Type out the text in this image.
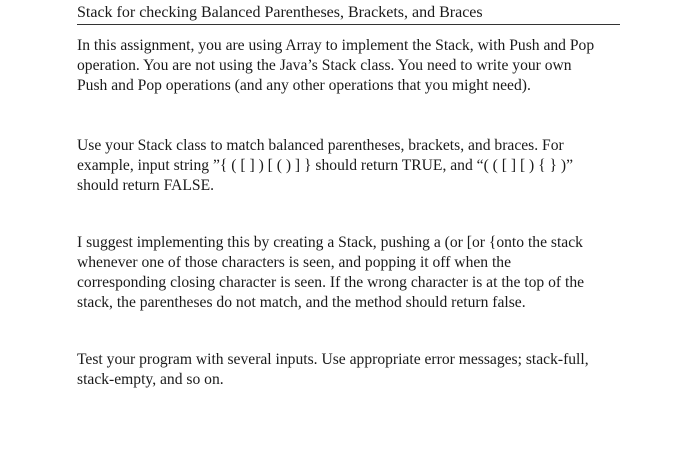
Stack for checking Balanced Parentheses, Brackets, and Braces

In this assignment, you are using Array to implement the Stack, with Push and Pop
operation. You are not using the Java’s Stack class. You need to write your own
Push and Pop operations (and any other operations that you might need).

Use your Stack class to match balanced parentheses, brackets, and braces. For
example, input string ”{ ( [ ] ) [ ( ) ] } should return TRUE, and “( ( [ ] [ ) { } )”
should return FALSE.

I suggest implementing this by creating a Stack, pushing a (or [or {onto the stack
whenever one of those characters is seen, and popping it off when the
corresponding closing character is seen. If the wrong character is at the top of the
stack, the parentheses do not match, and the method should return false.

Test your program with several inputs. Use appropriate error messages; stack-full,
stack-empty, and so on.
